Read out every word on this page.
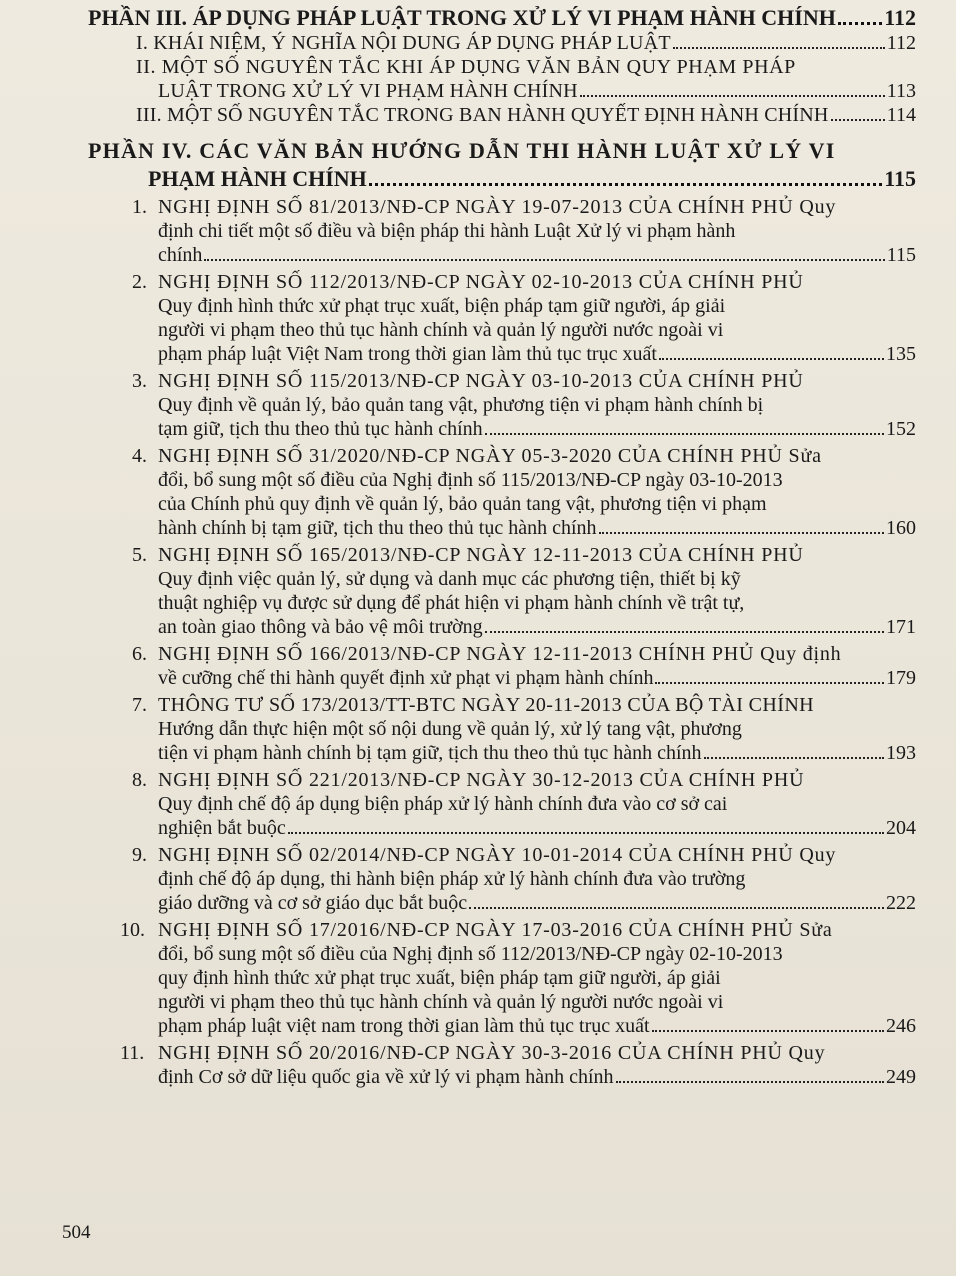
PHẦN III. ÁP DỤNG PHÁP LUẬT TRONG XỬ LÝ VI PHẠM HÀNH CHÍNH 112
I. KHÁI NIỆM, Ý NGHĨA NỘI DUNG ÁP DỤNG PHÁP LUẬT	112
II. MỘT SỐ NGUYÊN TẮC KHI ÁP DỤNG VĂN BẢN QUY PHẠM PHÁP
LUẬT TRONG XỬ LÝ VI PHẠM HÀNH CHÍNH	113
III. MỘT SỐ NGUYÊN TẮC TRONG BAN HÀNH QUYẾT ĐỊNH HÀNH CHÍNH	114
PHẦN IV. CÁC VĂN BẢN HƯỚNG DẪN THI HÀNH LUẬT XỬ LÝ VI
PHẠM HÀNH CHÍNH	115
1. NGHỊ ĐỊNH SỐ 81/2013/NĐ-CP NGÀY 19-07-2013 CỦA CHÍNH PHỦ Quy
định chi tiết một số điều và biện pháp thi hành Luật Xử lý vi phạm hành
chính	115
2. NGHỊ ĐỊNH SỐ 112/2013/NĐ-CP NGÀY 02-10-2013 CỦA CHÍNH PHỦ
Quy định hình thức xử phạt trục xuất, biện pháp tạm giữ người, áp giải
người vi phạm theo thủ tục hành chính và quản lý người nước ngoài vi
phạm pháp luật Việt Nam trong thời gian làm thủ tục trục xuất	135
3. NGHỊ ĐỊNH SỐ 115/2013/NĐ-CP NGÀY 03-10-2013 CỦA CHÍNH PHỦ
Quy định về quản lý, bảo quản tang vật, phương tiện vi phạm hành chính bị
tạm giữ, tịch thu theo thủ tục hành chính	152
4. NGHỊ ĐỊNH SỐ 31/2020/NĐ-CP NGÀY 05-3-2020 CỦA CHÍNH PHỦ Sửa
đổi, bổ sung một số điều của Nghị định số 115/2013/NĐ-CP ngày 03-10-2013
của Chính phủ quy định về quản lý, bảo quản tang vật, phương tiện vi phạm
hành chính bị tạm giữ, tịch thu theo thủ tục hành chính	160
5. NGHỊ ĐỊNH SỐ 165/2013/NĐ-CP NGÀY 12-11-2013 CỦA CHÍNH PHỦ
Quy định việc quản lý, sử dụng và danh mục các phương tiện, thiết bị kỹ
thuật nghiệp vụ được sử dụng để phát hiện vi phạm hành chính về trật tự,
an toàn giao thông và bảo vệ môi trường	171
6. NGHỊ ĐỊNH SỐ 166/2013/NĐ-CP NGÀY 12-11-2013 CHÍNH PHỦ Quy định
về cưỡng chế thi hành quyết định xử phạt vi phạm hành chính	179
7. THÔNG TƯ SỐ 173/2013/TT-BTC NGÀY 20-11-2013 CỦA BỘ TÀI CHÍNH
Hướng dẫn thực hiện một số nội dung về quản lý, xử lý tang vật, phương
tiện vi phạm hành chính bị tạm giữ, tịch thu theo thủ tục hành chính	193
8. NGHỊ ĐỊNH SỐ 221/2013/NĐ-CP NGÀY 30-12-2013 CỦA CHÍNH PHỦ
Quy định chế độ áp dụng biện pháp xử lý hành chính đưa vào cơ sở cai
nghiện bắt buộc	204
9. NGHỊ ĐỊNH SỐ 02/2014/NĐ-CP NGÀY 10-01-2014 CỦA CHÍNH PHỦ Quy
định chế độ áp dụng, thi hành biện pháp xử lý hành chính đưa vào trường
giáo dưỡng và cơ sở giáo dục bắt buộc	222
10. NGHỊ ĐỊNH SỐ 17/2016/NĐ-CP NGÀY 17-03-2016 CỦA CHÍNH PHỦ Sửa
đổi, bổ sung một số điều của Nghị định số 112/2013/NĐ-CP ngày 02-10-2013
quy định hình thức xử phạt trục xuất, biện pháp tạm giữ người, áp giải
người vi phạm theo thủ tục hành chính và quản lý người nước ngoài vi
phạm pháp luật việt nam trong thời gian làm thủ tục trục xuất	246
11. NGHỊ ĐỊNH SỐ 20/2016/NĐ-CP NGÀY 30-3-2016 CỦA CHÍNH PHỦ Quy
định Cơ sở dữ liệu quốc gia về xử lý vi phạm hành chính	249
504
